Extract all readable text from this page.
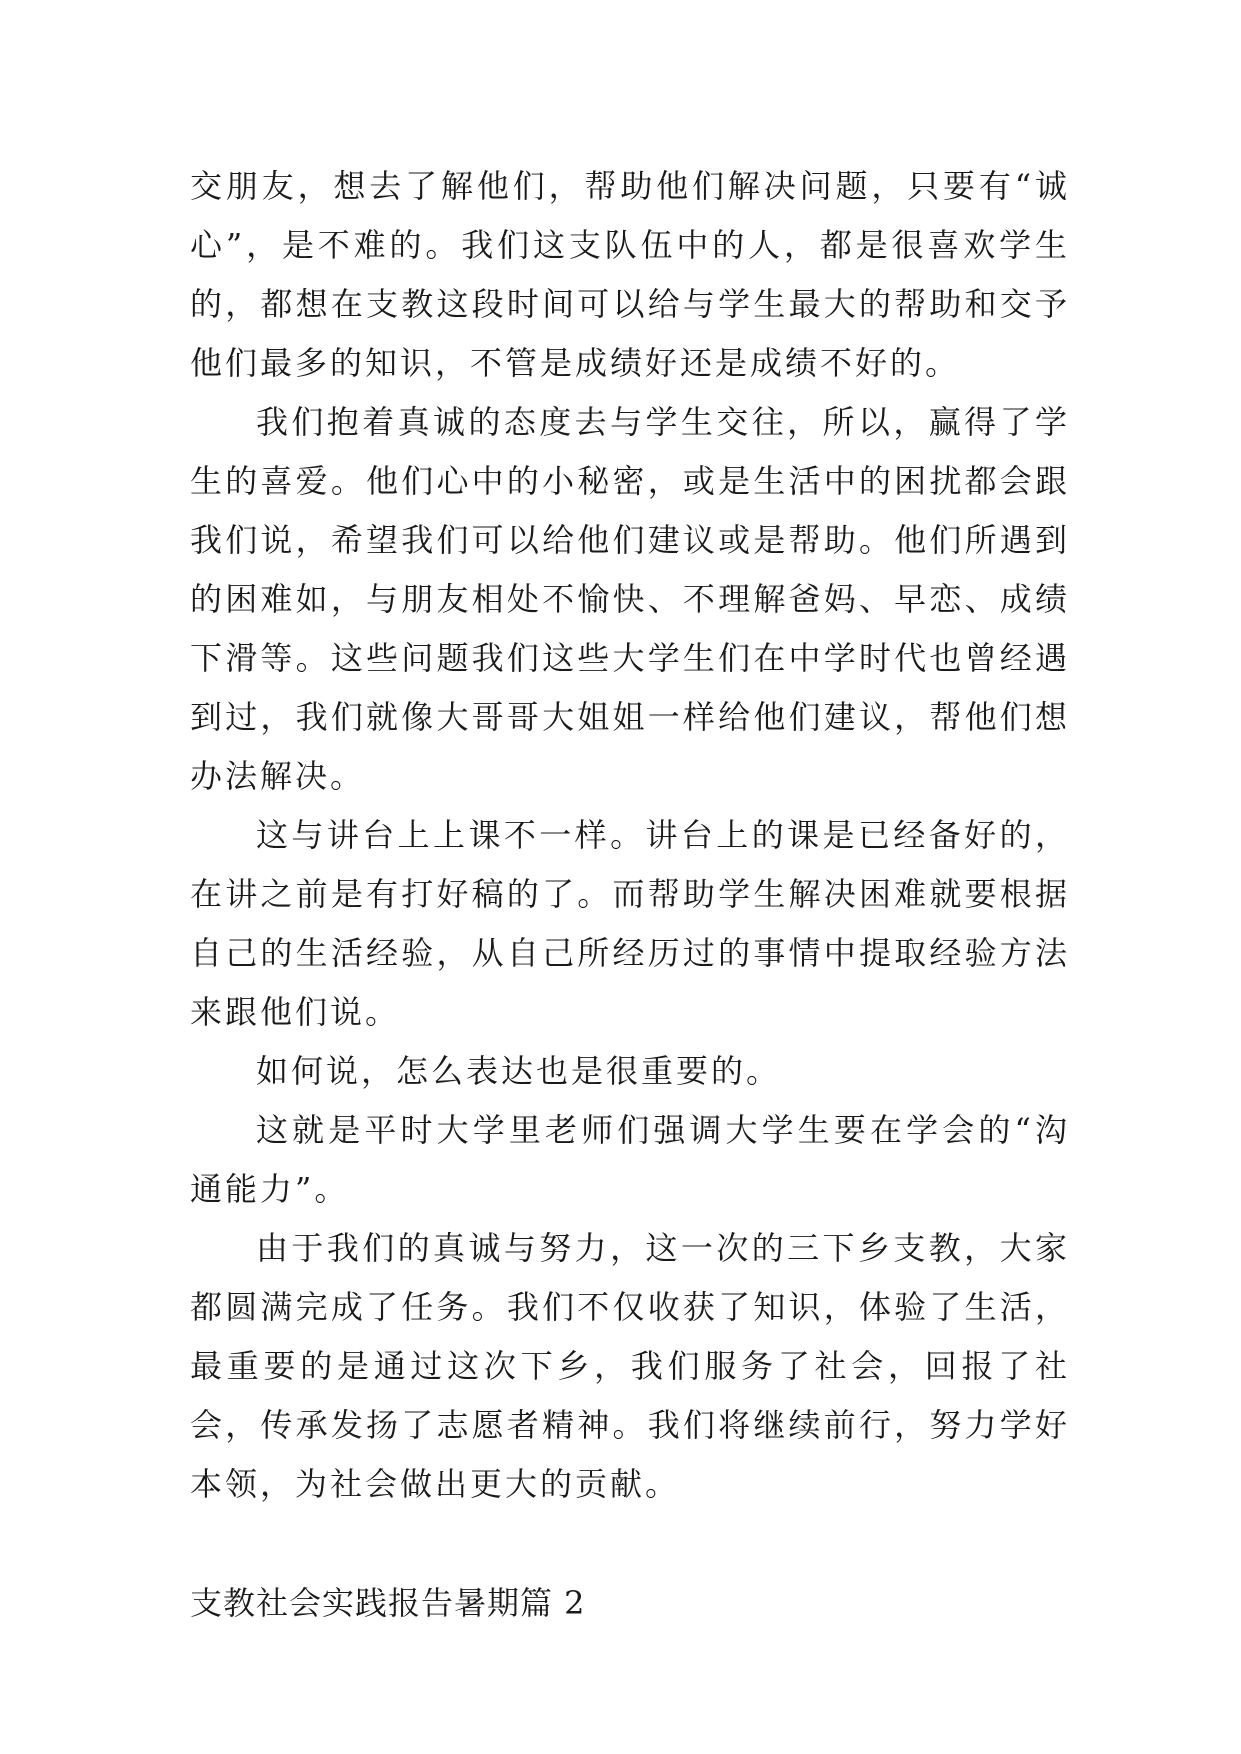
交朋友，想去了解他们，帮助他们解决问题，只要有“诚心”，是不难的。我们这支队伍中的人，都是很喜欢学生的，都想在支教这段时间可以给与学生最大的帮助和交予他们最多的知识，不管是成绩好还是成绩不好的。

我们抱着真诚的态度去与学生交往，所以，赢得了学生的喜爱。他们心中的小秘密，或是生活中的困扰都会跟我们说，希望我们可以给他们建议或是帮助。他们所遇到的困难如，与朋友相处不愉快、不理解爸妈、早恋、成绩下滑等。这些问题我们这些大学生们在中学时代也曾经遇到过，我们就像大哥哥大姐姐一样给他们建议，帮他们想办法解决。

这与讲台上上课不一样。讲台上的课是已经备好的，在讲之前是有打好稿的了。而帮助学生解决困难就要根据自己的生活经验，从自己所经历过的事情中提取经验方法来跟他们说。

如何说，怎么表达也是很重要的。

这就是平时大学里老师们强调大学生要在学会的“沟通能力”。

由于我们的真诚与努力，这一次的三下乡支教，大家都圆满完成了任务。我们不仅收获了知识，体验了生活，最重要的是通过这次下乡，我们服务了社会，回报了社会，传承发扬了志愿者精神。我们将继续前行，努力学好本领，为社会做出更大的贡献。

支教社会实践报告暑期篇 2
